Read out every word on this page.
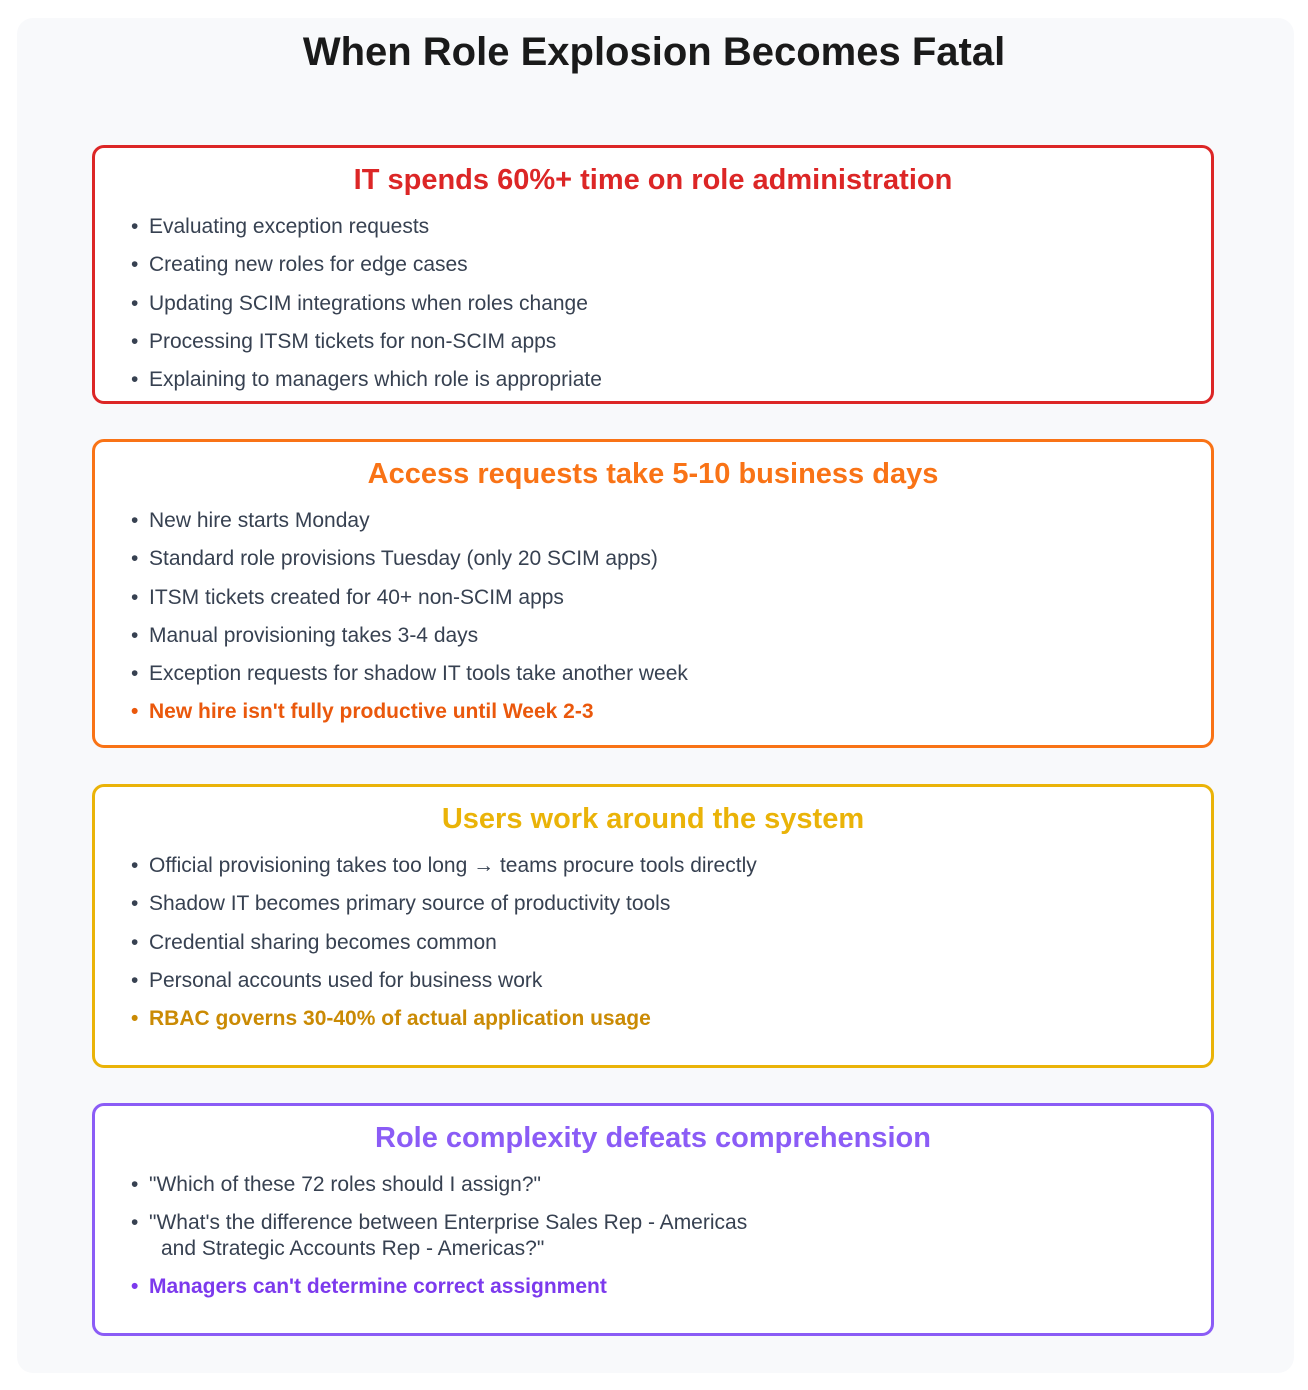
When Role Explosion Becomes Fatal
IT spends 60%+ time on role administration
• Evaluating exception requests
• Creating new roles for edge cases
• Updating SCIM integrations when roles change
• Processing ITSM tickets for non-SCIM apps
• Explaining to managers which role is appropriate
Access requests take 5-10 business days
• New hire starts Monday
• Standard role provisions Tuesday (only 20 SCIM apps)
• ITSM tickets created for 40+ non-SCIM apps
• Manual provisioning takes 3-4 days
• Exception requests for shadow IT tools take another week
• New hire isn't fully productive until Week 2-3
Users work around the system
• Official provisioning takes too long → teams procure tools directly
• Shadow IT becomes primary source of productivity tools
• Credential sharing becomes common
• Personal accounts used for business work
• RBAC governs 30-40% of actual application usage
Role complexity defeats comprehension
• "Which of these 72 roles should I assign?"
• "What's the difference between Enterprise Sales Rep - Americas
and Strategic Accounts Rep - Americas?"
• Managers can't determine correct assignment
